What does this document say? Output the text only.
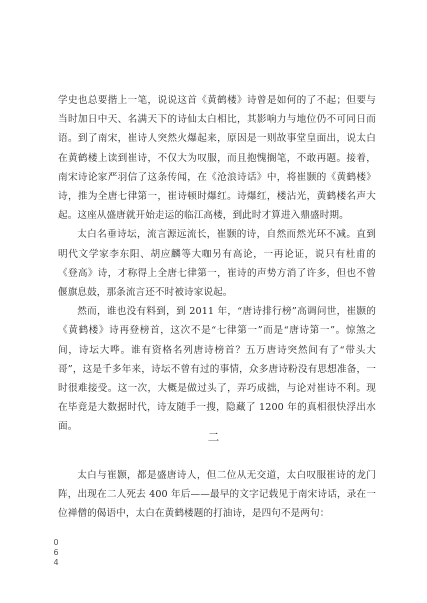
学史也总要揩上一笔，说说这首《黄鹤楼》诗曾是如何的了不起；但要与当时加日中天、名满天下的诗仙太白相比，其影响力与地位仍不可同日而语。到了南宋，崔诗人突然火爆起来，原因是一则故事堂皇面出，说太白在黄鹤楼上读到崔诗，不仅大为叹服，而且抱愧搁笔，不敢再题。接着，南宋诗论家严羽信了这条传闻，在《沧浪诗话》中，将崔颢的《黄鹤楼》诗，推为全唐七律第一，崔诗顿时爆红。诗爆红，楼沾光，黄鹤楼名声大起。这座从盛唐就开始走运的临江高楼，到此时才算进入鼎盛时期。

太白名垂诗坛，流言源远流长，崔颢的诗，自然而然光环不减。直到明代文学家李东阳、胡应麟等大咖另有高论，一再论证，说只有杜甫的《登高》诗，才称得上全唐七律第一，崔诗的声势方消了许多，但也不曾偃旗息鼓，那条流言还不时被诗家说起。

然而，谁也没有料到，到 2011 年，“唐诗排行榜”高调问世，崔颢的《黄鹤楼》诗再登榜首，这次不是“七律第一”而是“唐诗第一”。惊煞之间，诗坛大哗。谁有资格名列唐诗榜首？五万唐诗突然间有了“带头大哥”，这是千多年来，诗坛不曾有过的事情，众多唐诗粉没有思想准备，一时很难接受。这一次，大概是做过头了，弄巧成拙，与论对崔诗不利。现在毕竟是大数据时代，诗友随手一搜，隐藏了 1200 年的真相很快浮出水面。

二

太白与崔颢，都是盛唐诗人，但二位从无交道，太白叹服崔诗的龙门阵，出现在二人死去 400 年后——最早的文字记载见于南宋诗话，录在一位禅僧的偈语中，太白在黄鹤楼题的打油诗，是四句不是两句：

0
6
4
